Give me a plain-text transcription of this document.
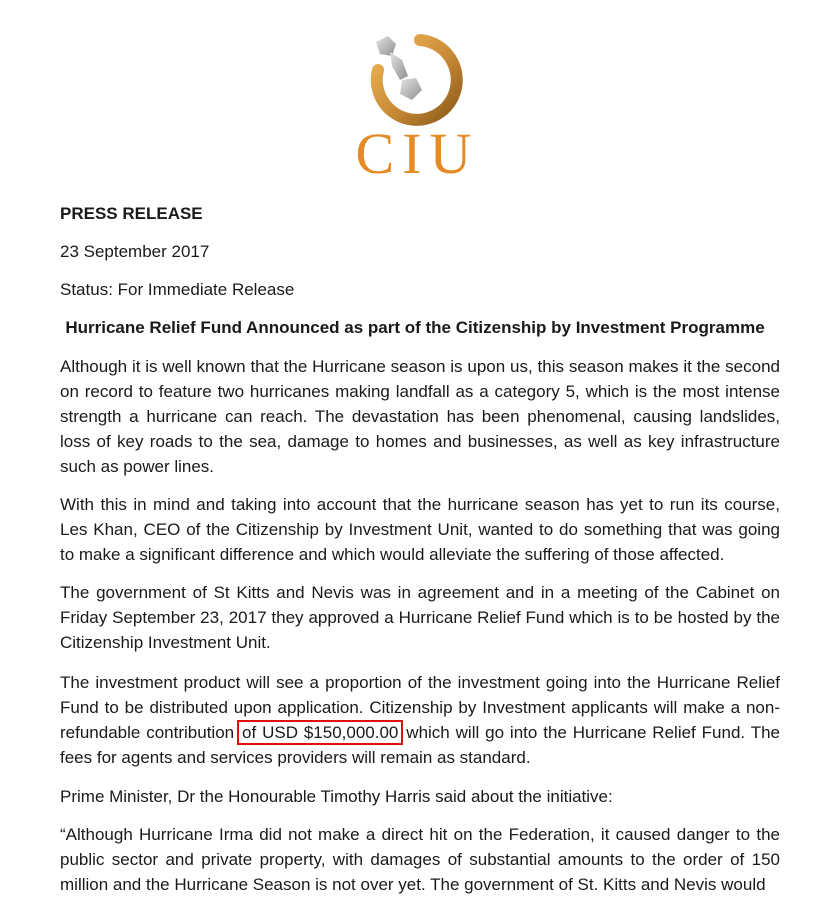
CIU
PRESS RELEASE
23 September 2017
Status: For Immediate Release
Hurricane Relief Fund Announced as part of the Citizenship by Investment Programme

Although it is well known that the Hurricane season is upon us, this season makes it the second on record to feature two hurricanes making landfall as a category 5, which is the most intense strength a hurricane can reach. The devastation has been phenomenal, causing landslides, loss of key roads to the sea, damage to homes and businesses, as well as key infrastructure such as power lines.

With this in mind and taking into account that the hurricane season has yet to run its course, Les Khan, CEO of the Citizenship by Investment Unit, wanted to do something that was going to make a significant difference and which would alleviate the suffering of those affected.

The government of St Kitts and Nevis was in agreement and in a meeting of the Cabinet on Friday September 23, 2017 they approved a Hurricane Relief Fund which is to be hosted by the Citizenship Investment Unit.

The investment product will see a proportion of the investment going into the Hurricane Relief Fund to be distributed upon application. Citizenship by Investment applicants will make a non-refundable contribution of USD $150,000.00 which will go into the Hurricane Relief Fund. The fees for agents and services providers will remain as standard.

Prime Minister, Dr the Honourable Timothy Harris said about the initiative:

“Although Hurricane Irma did not make a direct hit on the Federation, it caused danger to the public sector and private property, with damages of substantial amounts to the order of 150 million and the Hurricane Season is not over yet. The government of St. Kitts and Nevis would
